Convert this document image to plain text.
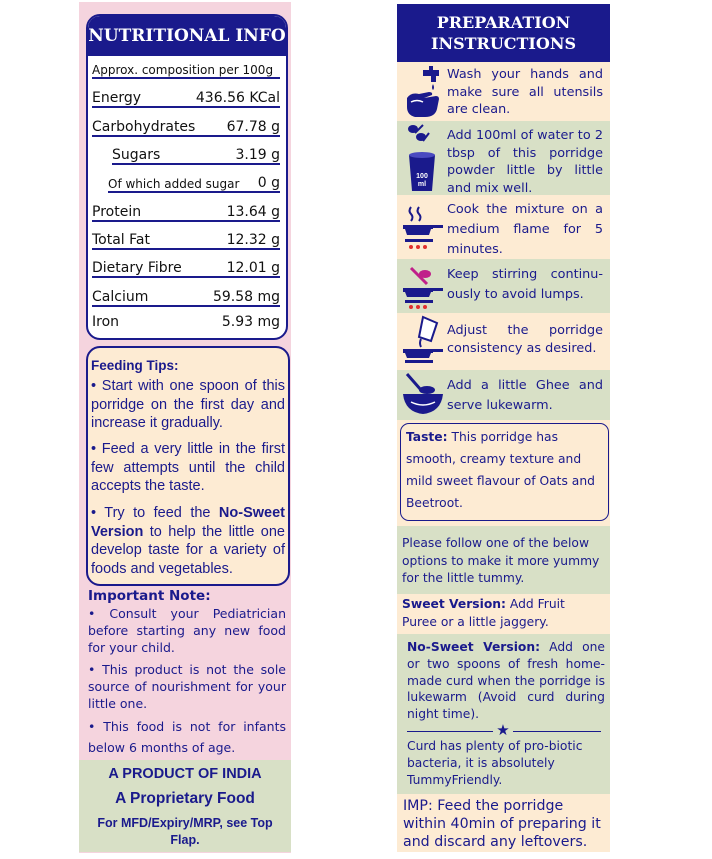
NUTRITIONAL INFO
Approx. composition per 100g
Energy	436.56 KCal
Carbohydrates 67.78 g
Sugars	3.19 g
Of which added sugar 0 g
Protein	13.64 g
Total Fat	12.32 g
Dietary Fibre	12.01 g
Calcium	59.58 mg
Iron	5.93 mg
Feeding Tips:
• Start with one spoon of this porridge on the first day and increase it gradually.
• Feed a very little in the first few attempts until the child accepts the taste.
• Try to feed the No-Sweet Version to help the little one develop taste for a variety of foods and vegetables.
Important Note:
• Consult your Pediatrician before starting any new food for your child.
• This product is not the sole source of nourishment for your little one.
• This food is not for infants below 6 months of age.
A PRODUCT OF INDIA
A Proprietary Food
For MFD/Expiry/MRP, see Top Flap.
PREPARATION
INSTRUCTIONS
Wash your hands and make sure all utensils are clean.
100
ml
Add 100ml of water to 2 tbsp of this porridge powder little by little and mix well.
Cook the mixture on a medium flame for 5 minutes.
Keep stirring continu-ously to avoid lumps.
Adjust the porridge consistency as desired.
Add a little Ghee and serve lukewarm.
Taste: This porridge has smooth, creamy texture and mild sweet flavour of Oats and Beetroot.
Please follow one of the below options to make it more yummy for the little tummy.
Sweet Version: Add Fruit Puree or a little jaggery.
No-Sweet Version: Add one or two spoons of fresh home-made curd when the porridge is lukewarm (Avoid curd during night time).
★
Curd has plenty of pro-biotic bacteria, it is absolutely TummyFriendly.
IMP: Feed the porridge within 40min of preparing it and discard any leftovers.
